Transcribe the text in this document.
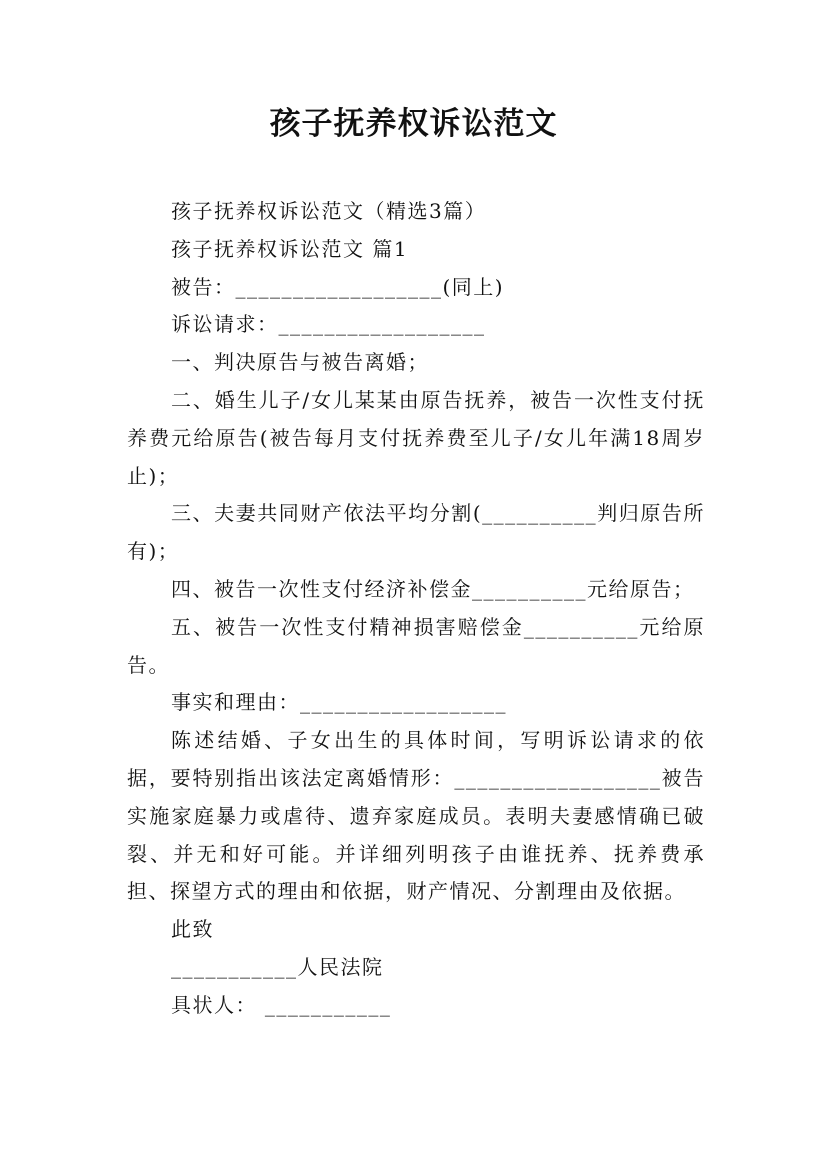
孩子抚养权诉讼范文

孩子抚养权诉讼范文（精选3篇）

孩子抚养权诉讼范文 篇1

被告：__________________(同上)

诉讼请求：__________________

一、判决原告与被告离婚；

二、婚生儿子/女儿某某由原告抚养，被告一次性支付抚养费元给原告(被告每月支付抚养费至儿子/女儿年满18周岁止)；

三、夫妻共同财产依法平均分割(__________判归原告所有)；

四、被告一次性支付经济补偿金__________元给原告；

五、被告一次性支付精神损害赔偿金__________元给原告。

事实和理由：__________________

陈述结婚、子女出生的具体时间，写明诉讼请求的依据，要特别指出该法定离婚情形：__________________被告实施家庭暴力或虐待、遗弃家庭成员。表明夫妻感情确已破裂、并无和好可能。并详细列明孩子由谁抚养、抚养费承担、探望方式的理由和依据，财产情况、分割理由及依据。

此致

___________人民法院

具状人： ___________
